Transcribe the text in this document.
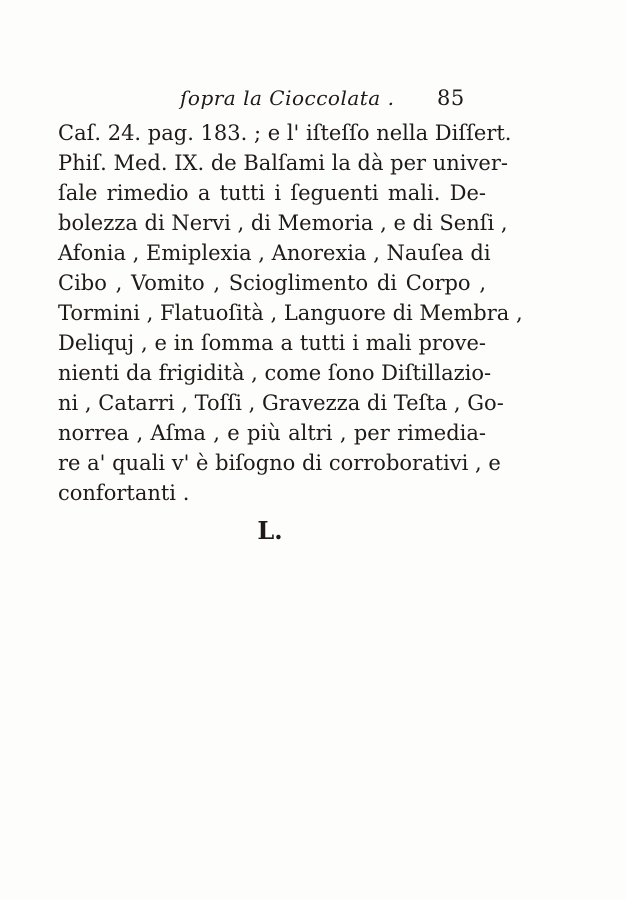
ſopra la Cioccolata . 85
Caſ. 24. pag. 183. ; e l' iſteſſo nella Diſſert.
Phiſ. Med. IX. de Balſami la dà per univer-
ſale rimedio a tutti i ſeguenti mali. De-
bolezza di Nervi , di Memoria , e di Senſi ,
Afonia , Emiplexia , Anorexia , Nauſea di
Cibo , Vomito , Scioglimento di Corpo ,
Tormini , Flatuoſità , Languore di Membra ,
Deliquj , e in ſomma a tutti i mali prove-
nienti da frigidità , come ſono Diſtillazio-
ni , Catarri , Toſſi , Gravezza di Teſta , Go-
norrea , Aſma , e più altri , per rimedia-
re a' quali v' è biſogno di corroborativi , e
confortanti .
L.
